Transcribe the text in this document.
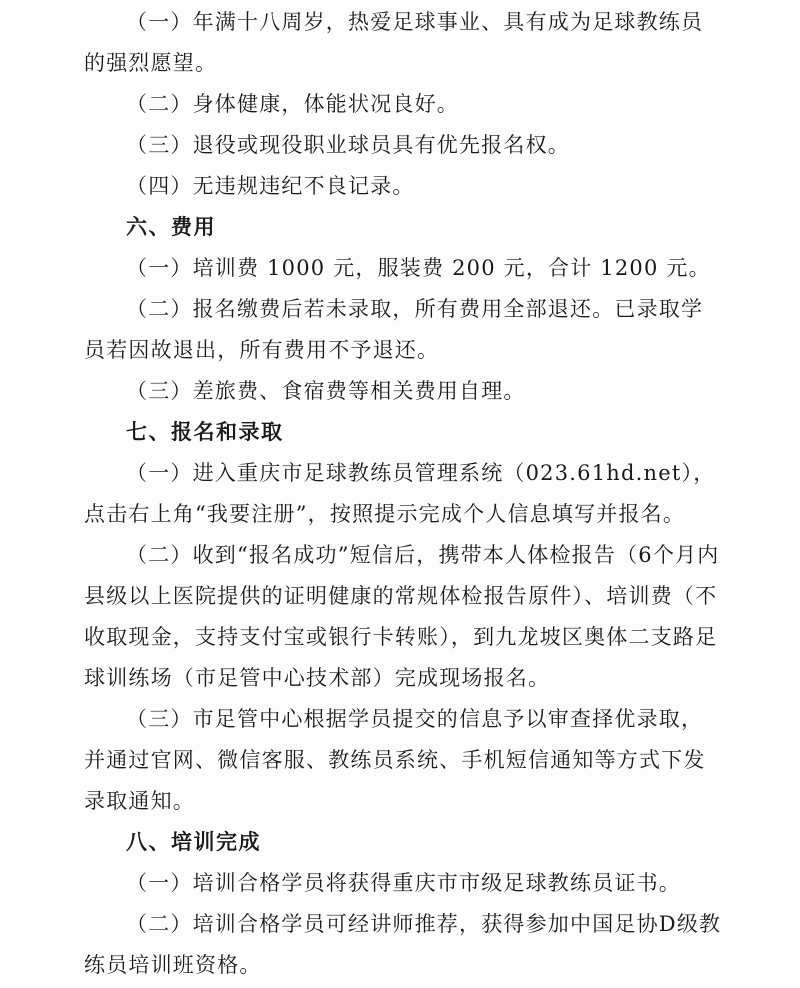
（一）年满十八周岁，热爱足球事业、具有成为足球教练员的强烈愿望。

（二）身体健康，体能状况良好。

（三）退役或现役职业球员具有优先报名权。

（四）无违规违纪不良记录。

六、费用

（一）培训费 1000 元，服装费 200 元，合计 1200 元。

（二）报名缴费后若未录取，所有费用全部退还。已录取学员若因故退出，所有费用不予退还。

（三）差旅费、食宿费等相关费用自理。

七、报名和录取

（一）进入重庆市足球教练员管理系统（023.61hd.net），点击右上角“我要注册”，按照提示完成个人信息填写并报名。

（二）收到“报名成功”短信后，携带本人体检报告（6个月内县级以上医院提供的证明健康的常规体检报告原件）、培训费（不收取现金，支持支付宝或银行卡转账），到九龙坡区奥体二支路足球训练场（市足管中心技术部）完成现场报名。

（三）市足管中心根据学员提交的信息予以审查择优录取，并通过官网、微信客服、教练员系统、手机短信通知等方式下发录取通知。

八、培训完成

（一）培训合格学员将获得重庆市市级足球教练员证书。

（二）培训合格学员可经讲师推荐，获得参加中国足协D级教练员培训班资格。
